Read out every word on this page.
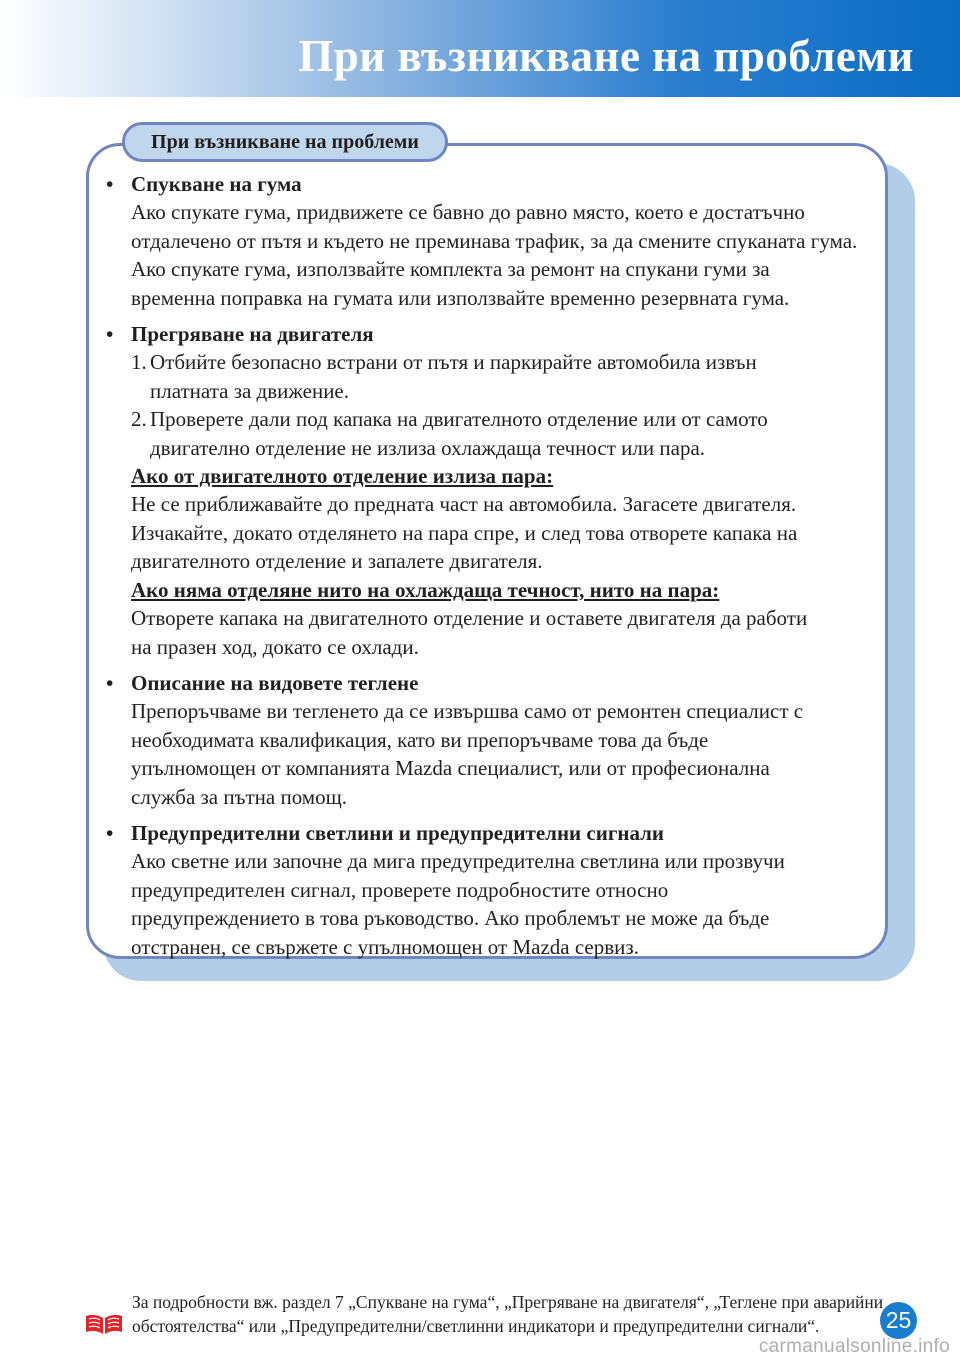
При възникване на проблеми
При възникване на проблеми
• Спукване на гума
Ако спукате гума, придвижете се бавно до равно място, което е достатъчно
отдалечено от пътя и където не преминава трафик, за да смените спуканата гума.
Ако спукате гума, използвайте комплекта за ремонт на спукани гуми за
временна поправка на гумата или използвайте временно резервната гума.
• Прегряване на двигателя
1. Отбийте безопасно встрани от пътя и паркирайте автомобила извън
платната за движение.
2. Проверете дали под капака на двигателното отделение или от самото
двигателно отделение не излиза охлаждаща течност или пара.
Ако от двигателното отделение излиза пара:
Не се приближавайте до предната част на автомобила. Загасете двигателя.
Изчакайте, докато отделянето на пара спре, и след това отворете капака на
двигателното отделение и запалете двигателя.
Ако няма отделяне нито на охлаждаща течност, нито на пара:
Отворете капака на двигателното отделение и оставете двигателя да работи
на празен ход, докато се охлади.
• Описание на видовете теглене
Препоръчваме ви тегленето да се извършва само от ремонтен специалист с
необходимата квалификация, като ви препоръчваме това да бъде
упълномощен от компанията Mazda специалист, или от професионална
служба за пътна помощ.
• Предупредителни светлини и предупредителни сигнали
Ако светне или започне да мига предупредителна светлина или прозвучи
предупредителен сигнал, проверете подробностите относно
предупреждението в това ръководство. Ако проблемът не може да бъде
отстранен, се свържете с упълномощен от Mazda сервиз.
За подробности вж. раздел 7 „Спукване на гума“, „Прегряване на двигателя“, „Теглене при аварийни
обстоятелства“ или „Предупредителни/светлинни индикатори и предупредителни сигнали“.	25
carmanualsonline.info
